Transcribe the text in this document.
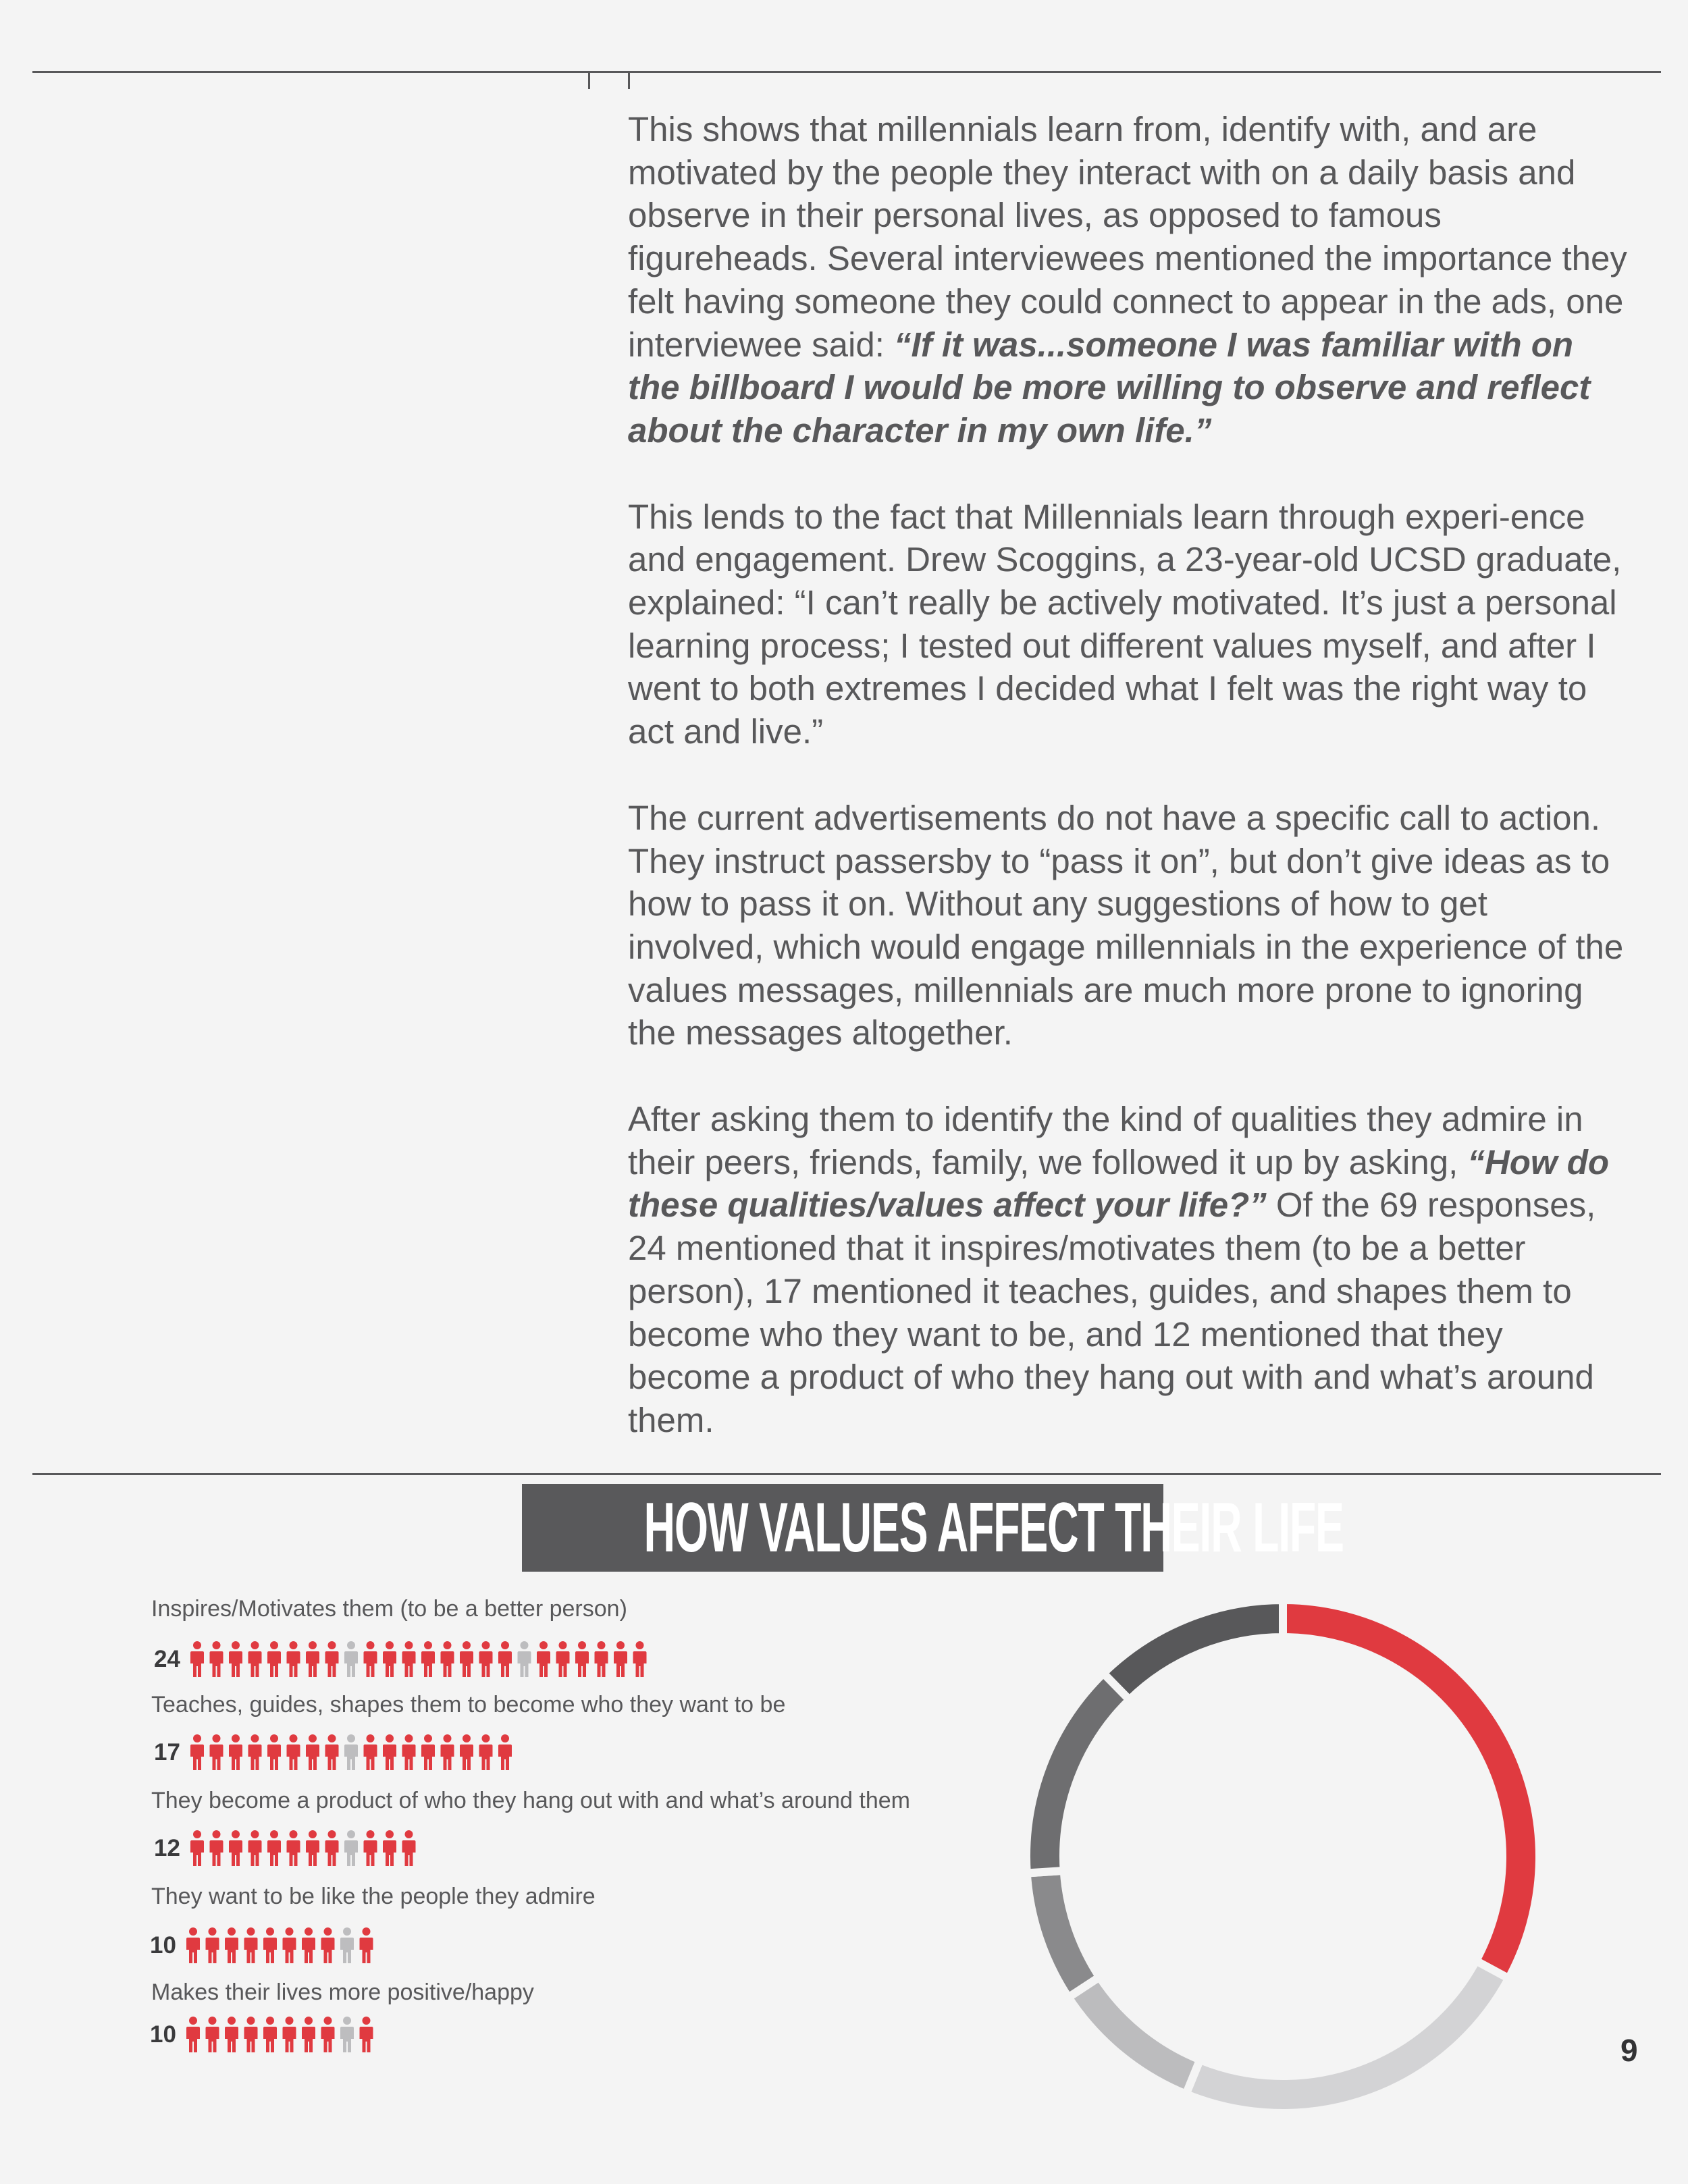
This shows that millennials learn from, identify with, and are motivated by the people they interact with on a daily basis and observe in their personal lives, as opposed to famous figureheads. Several interviewees mentioned the importance they felt having someone they could connect to appear in the ads, one interviewee said: “If it was...someone I was familiar with on the billboard I would be more willing to observe and reflect about the character in my own life.”

This lends to the fact that Millennials learn through experi-ence and engagement. Drew Scoggins, a 23-year-old UCSD graduate, explained: “I can’t really be actively motivated. It’s just a personal learning process; I tested out different values myself, and after I went to both extremes I decided what I felt was the right way to act and live.”

The current advertisements do not have a specific call to action. They instruct passersby to “pass it on”, but don’t give ideas as to how to pass it on. Without any suggestions of how to get involved, which would engage millennials in the experience of the values messages, millennials are much more prone to ignoring the messages altogether.

After asking them to identify the kind of qualities they admire in their peers, friends, family, we followed it up by asking, “How do these qualities/values affect your life?” Of the 69 responses, 24 mentioned that it inspires/motivates them (to be a better person), 17 mentioned it teaches, guides, and shapes them to become who they want to be, and 12 mentioned that they become a product of who they hang out with and what’s around them.

HOW VALUES AFFECT THEIR LIFE
Inspires/Motivates them (to be a better person)
24
Teaches, guides, shapes them to become who they want to be
17
They become a product of who they hang out with and what’s around them
12
They want to be like the people they admire
10
Makes their lives more positive/happy
10	9
